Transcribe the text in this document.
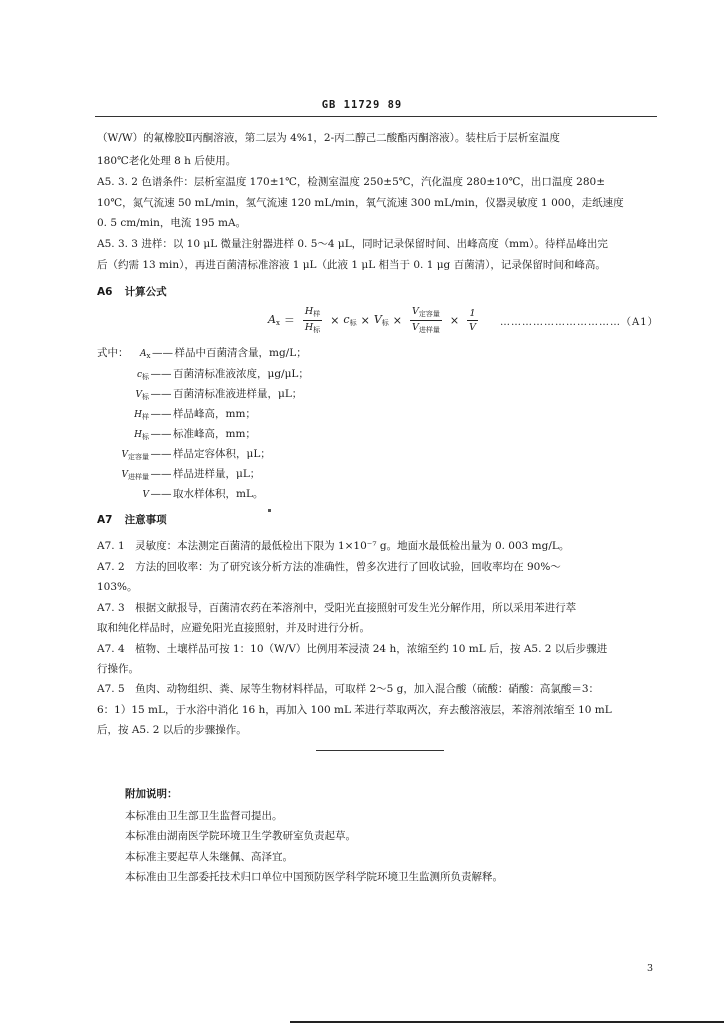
GB 11729 89
（W/W）的氟橡胶Ⅱ丙酮溶液，第二层为 4%1，2-丙二醇己二酸酯丙酮溶液）。装柱后于层析室温度
180℃老化处理 8 h 后使用。
A5. 3. 2 色谱条件：层析室温度 170±1℃，检测室温度 250±5℃，汽化温度 280±10℃，出口温度 280±
10℃，氮气流速 50 mL/min，氢气流速 120 mL/min，氧气流速 300 mL/min，仪器灵敏度 1 000，走纸速度
0. 5 cm/min，电流 195 mA。
A5. 3. 3 进样：以 10 μL 微量注射器进样 0. 5～4 μL，同时记录保留时间、出峰高度（mm）。待样品峰出完
后（约需 13 min），再进百菌清标准溶液 1 μL（此液 1 μL 相当于 0. 1 μg 百菌清），记录保留时间和峰高。
A6 计算公式
$A_x = \frac{H_样}{H_标} \times c_标 \times V_标 \times \frac{V_{定容量}}{V_{进样量}} \times \frac{1}{V}$ ……………………………（A1）
式中： $A_x$ —— 样品中百菌清含量，mg/L；
$c_标$ —— 百菌清标准液浓度，μg/μL；
$V_标$ —— 百菌清标准液进样量，μL；
$H_样$ —— 样品峰高，mm；
$H_标$ —— 标准峰高，mm；
$V_{定容量}$ —— 样品定容体积，μL；
$V_{进样量}$ —— 样品进样量，μL；
V —— 取水样体积，mL。
A7 注意事项
A7. 1　灵敏度：本法测定百菌清的最低检出下限为 1×10⁻⁷ g。地面水最低检出量为 0. 003 mg/L。
A7. 2　方法的回收率：为了研究该分析方法的准确性，曾多次进行了回收试验，回收率均在 90%～
103%。
A7. 3　根据文献报导，百菌清农药在苯溶剂中，受阳光直接照射可发生光分解作用，所以采用苯进行萃
取和纯化样品时，应避免阳光直接照射，并及时进行分析。
A7. 4　植物、土壤样品可按 1：10（W/V）比例用苯浸渍 24 h，浓缩至约 10 mL 后，按 A5. 2 以后步骤进
行操作。
A7. 5　鱼肉、动物组织、粪、尿等生物材料样品，可取样 2～5 g，加入混合酸（硫酸：硝酸：高氯酸＝3：
6：1）15 mL，于水浴中消化 16 h，再加入 100 mL 苯进行萃取两次，弃去酸溶液层，苯溶剂浓缩至 10 mL
后，按 A5. 2 以后的步骤操作。
附加说明：
本标准由卫生部卫生监督司提出。
本标准由湖南医学院环境卫生学教研室负责起草。
本标准主要起草人朱继佩、高泽宜。
本标准由卫生部委托技术归口单位中国预防医学科学院环境卫生监测所负责解释。
3
